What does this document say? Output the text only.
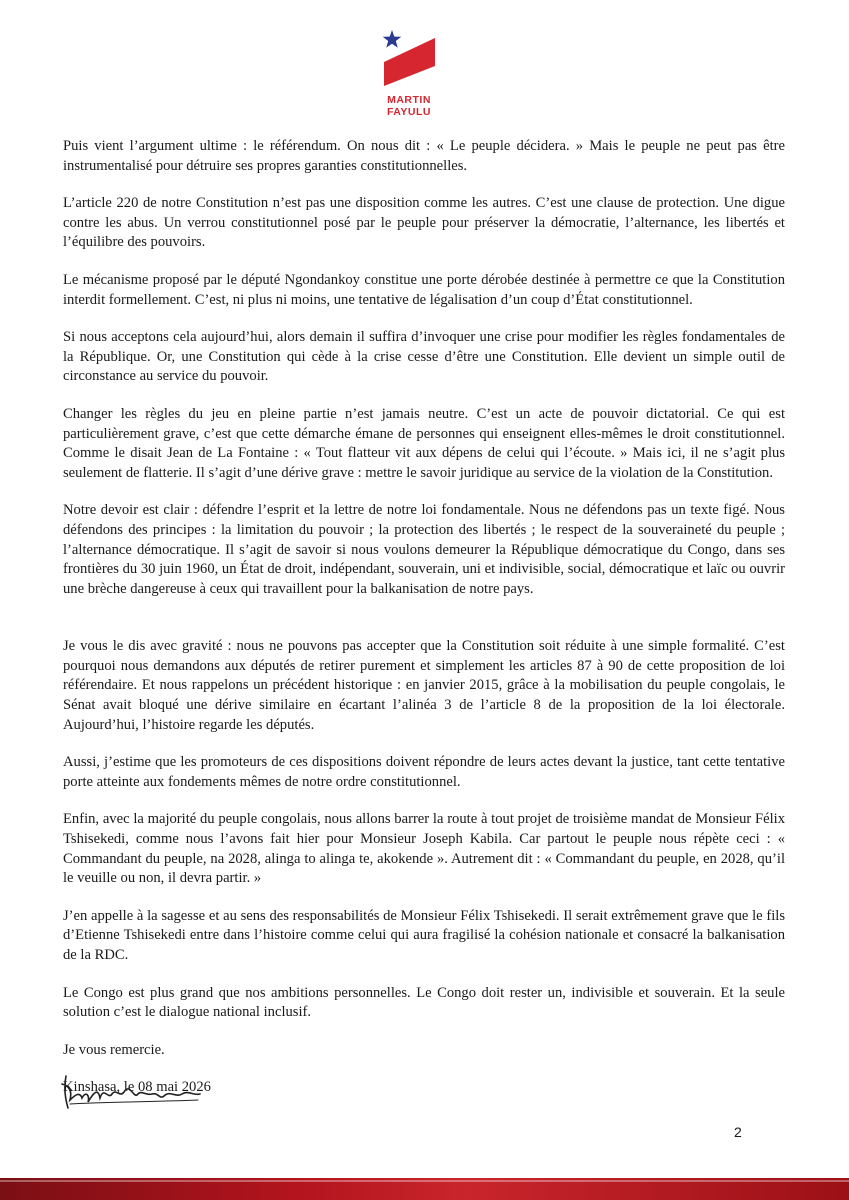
MARTIN
FAYULU

Puis vient l’argument ultime : le référendum. On nous dit : « Le peuple décidera. » Mais le peuple ne peut pas être instrumentalisé pour détruire ses propres garanties constitutionnelles.

L’article 220 de notre Constitution n’est pas une disposition comme les autres. C’est une clause de protection. Une digue contre les abus. Un verrou constitutionnel posé par le peuple pour préserver la démocratie, l’alternance, les libertés et l’équilibre des pouvoirs.

Le mécanisme proposé par le député Ngondankoy constitue une porte dérobée destinée à permettre ce que la Constitution interdit formellement. C’est, ni plus ni moins, une tentative de légalisation d’un coup d’État constitutionnel.

Si nous acceptons cela aujourd’hui, alors demain il suffira d’invoquer une crise pour modifier les règles fondamentales de la République. Or, une Constitution qui cède à la crise cesse d’être une Constitution. Elle devient un simple outil de circonstance au service du pouvoir.

Changer les règles du jeu en pleine partie n’est jamais neutre. C’est un acte de pouvoir dictatorial. Ce qui est particulièrement grave, c’est que cette démarche émane de personnes qui enseignent elles-mêmes le droit constitutionnel. Comme le disait Jean de La Fontaine : « Tout flatteur vit aux dépens de celui qui l’écoute. » Mais ici, il ne s’agit plus seulement de flatterie. Il s’agit d’une dérive grave : mettre le savoir juridique au service de la violation de la Constitution.

Notre devoir est clair : défendre l’esprit et la lettre de notre loi fondamentale. Nous ne défendons pas un texte figé. Nous défendons des principes : la limitation du pouvoir ; la protection des libertés ; le respect de la souveraineté du peuple ; l’alternance démocratique. Il s’agit de savoir si nous voulons demeurer la République démocratique du Congo, dans ses frontières du 30 juin 1960, un État de droit, indépendant, souverain, uni et indivisible, social, démocratique et laïc ou ouvrir une brèche dangereuse à ceux qui travaillent pour la balkanisation de notre pays.

Je vous le dis avec gravité : nous ne pouvons pas accepter que la Constitution soit réduite à une simple formalité. C’est pourquoi nous demandons aux députés de retirer purement et simplement les articles 87 à 90 de cette proposition de loi référendaire. Et nous rappelons un précédent historique : en janvier 2015, grâce à la mobilisation du peuple congolais, le Sénat avait bloqué une dérive similaire en écartant l’alinéa 3 de l’article 8 de la proposition de la loi électorale. Aujourd’hui, l’histoire regarde les députés.

Aussi, j’estime que les promoteurs de ces dispositions doivent répondre de leurs actes devant la justice, tant cette tentative porte atteinte aux fondements mêmes de notre ordre constitutionnel.

Enfin, avec la majorité du peuple congolais, nous allons barrer la route à tout projet de troisième mandat de Monsieur Félix Tshisekedi, comme nous l’avons fait hier pour Monsieur Joseph Kabila. Car partout le peuple nous répète ceci : « Commandant du peuple, na 2028, alinga to alinga te, akokende ». Autrement dit : « Commandant du peuple, en 2028, qu’il le veuille ou non, il devra partir. »

J’en appelle à la sagesse et au sens des responsabilités de Monsieur Félix Tshisekedi. Il serait extrêmement grave que le fils d’Etienne Tshisekedi entre dans l’histoire comme celui qui aura fragilisé la cohésion nationale et consacré la balkanisation de la RDC.

Le Congo est plus grand que nos ambitions personnelles. Le Congo doit rester un, indivisible et souverain. Et la seule solution c’est le dialogue national inclusif.

Je vous remercie.

Kinshasa, le 08 mai 2026

2
